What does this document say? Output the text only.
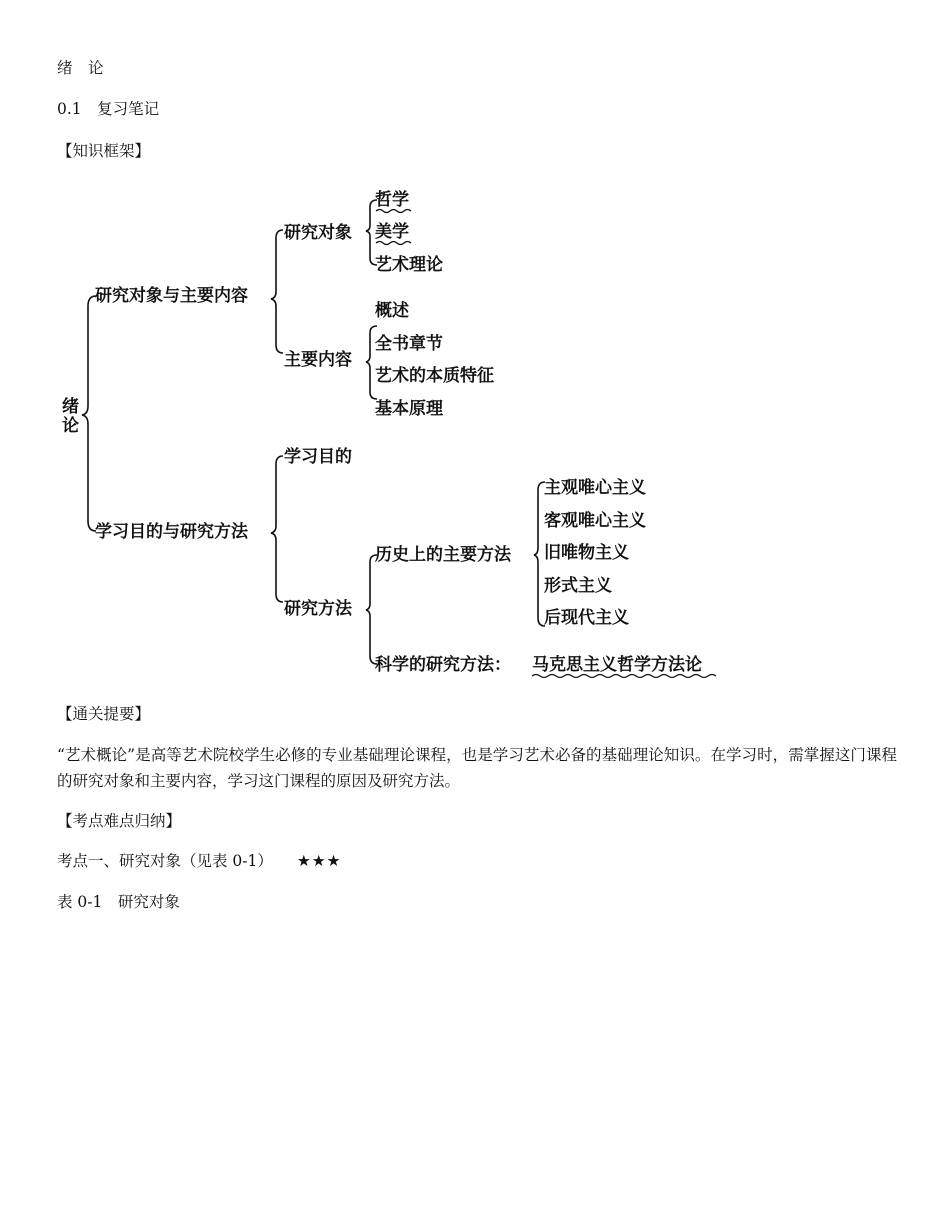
绪　论
0.1　复习笔记
【知识框架】
绪
论
研究对象与主要内容
研究对象
哲学
美学
艺术理论
主要内容
概述
全书章节
艺术的本质特征
基本原理
学习目的与研究方法
学习目的
研究方法
历史上的主要方法
主观唯心主义
客观唯心主义
旧唯物主义
形式主义
后现代主义
科学的研究方法： 马克思主义哲学方法论
【通关提要】
“艺术概论”是高等艺术院校学生必修的专业基础理论课程，也是学习艺术必备的基础理论知识。在学习时，需掌握这门课程的研究对象和主要内容，学习这门课程的原因及研究方法。
【考点难点归纳】
考点一、研究对象（见表 0-1） ★★★
表 0-1　研究对象
